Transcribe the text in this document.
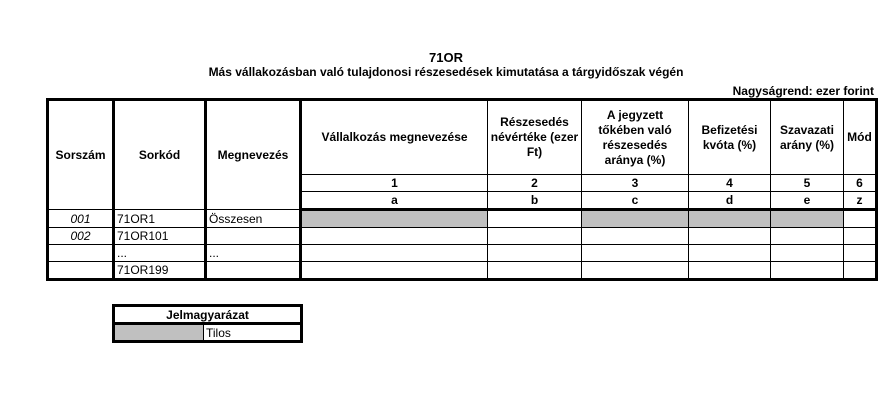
71OR
Más vállakozásban való tulajdonosi részesedések kimutatása a tárgyidőszak végén
Nagyságrend: ezer forint
Sorszám	Sorkód	Megnevezés	Vállalkozás megnevezése	Részesedés névértéke (ezer Ft)	A jegyzett tőkében való részesedés aránya (%)	Befizetési kvóta (%)	Szavazati arány (%)	Mód
			1	2	3	4	5	6
			a	b	c	d	e	z
001	71OR1	Összesen						
002	71OR101							
	...	...						
	71OR199							
Jelmagyarázat
	Tilos
